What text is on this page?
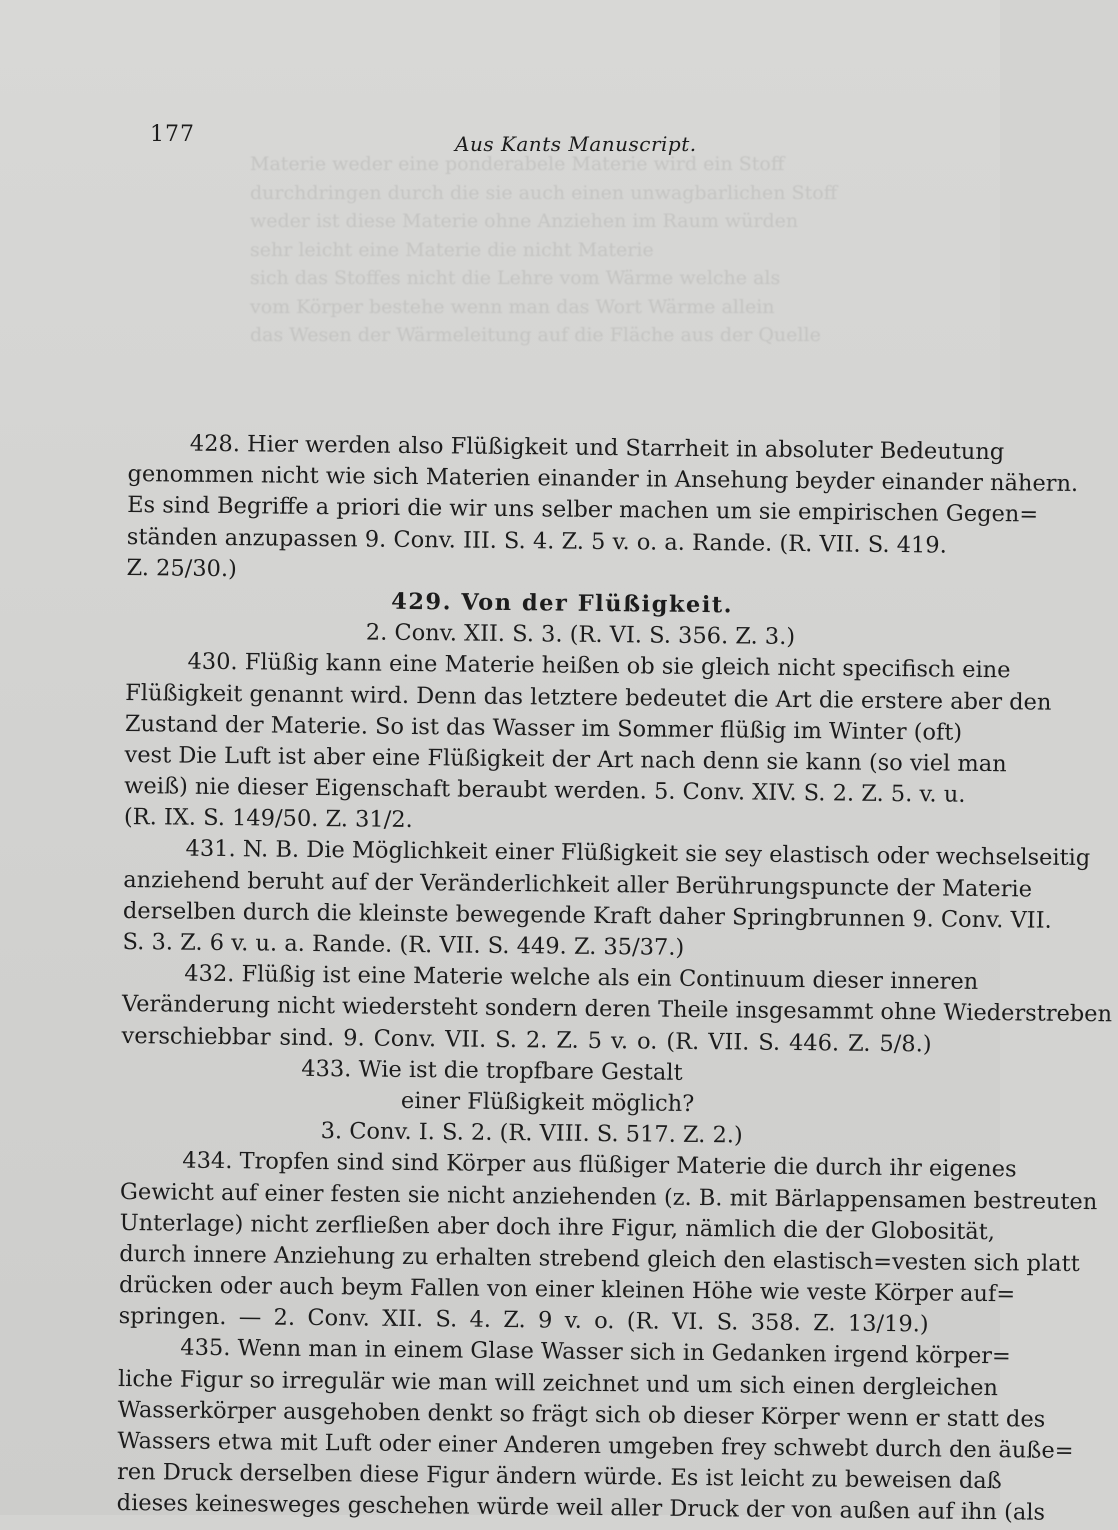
Materie weder eine ponderabele Materie wird ein Stoff
durchdringen durch die sie auch einen unwagbarlichen Stoff
weder ist diese Materie ohne Anziehen im Raum würden
sehr leicht eine Materie die nicht Materie
sich das Stoffes nicht die Lehre vom Wärme welche als
vom Körper bestehe wenn man das Wort Wärme allein
das Wesen der Wärmeleitung auf die Fläche aus der Quelle
177	Aus Kants Manuscript.
428. Hier werden also Flüßigkeit und Starrheit in absoluter Bedeutung
genommen nicht wie sich Materien einander in Ansehung beyder einander nähern.
Es sind Begriffe a priori die wir uns selber machen um sie empirischen Gegen=
ständen anzupassen 9. Conv. III. S. 4. Z. 5 v. o. a. Rande. (R. VII. S. 419.
Z. 25/30.)
429. Von der Flüßigkeit.
2. Conv. XII. S. 3. (R. VI. S. 356. Z. 3.)
430. Flüßig kann eine Materie heißen ob sie gleich nicht specifisch eine
Flüßigkeit genannt wird. Denn das letztere bedeutet die Art die erstere aber den
Zustand der Materie. So ist das Wasser im Sommer flüßig im Winter (oft)
vest Die Luft ist aber eine Flüßigkeit der Art nach denn sie kann (so viel man
weiß) nie dieser Eigenschaft beraubt werden. 5. Conv. XIV. S. 2. Z. 5. v. u.
(R. IX. S. 149/50. Z. 31/2.
431. N. B. Die Möglichkeit einer Flüßigkeit sie sey elastisch oder wechselseitig
anziehend beruht auf der Veränderlichkeit aller Berührungspuncte der Materie
derselben durch die kleinste bewegende Kraft daher Springbrunnen 9. Conv. VII.
S. 3. Z. 6 v. u. a. Rande. (R. VII. S. 449. Z. 35/37.)
432. Flüßig ist eine Materie welche als ein Continuum dieser inneren
Veränderung nicht wiedersteht sondern deren Theile insgesammt ohne Wiederstreben
verschiebbar sind. 9. Conv. VII. S. 2. Z. 5 v. o. (R. VII. S. 446. Z. 5/8.)
433. Wie ist die tropfbare Gestalt
einer Flüßigkeit möglich?
3. Conv. I. S. 2. (R. VIII. S. 517. Z. 2.)
434. Tropfen sind sind Körper aus flüßiger Materie die durch ihr eigenes
Gewicht auf einer festen sie nicht anziehenden (z. B. mit Bärlappensamen bestreuten
Unterlage) nicht zerfließen aber doch ihre Figur, nämlich die der Globosität,
durch innere Anziehung zu erhalten strebend gleich den elastisch=vesten sich platt
drücken oder auch beym Fallen von einer kleinen Höhe wie veste Körper auf=
springen. — 2. Conv. XII. S. 4. Z. 9 v. o. (R. VI. S. 358. Z. 13/19.)
435. Wenn man in einem Glase Wasser sich in Gedanken irgend körper=
liche Figur so irregulär wie man will zeichnet und um sich einen dergleichen
Wasserkörper ausgehoben denkt so frägt sich ob dieser Körper wenn er statt des
Wassers etwa mit Luft oder einer Anderen umgeben frey schwebt durch den äuße=
ren Druck derselben diese Figur ändern würde. Es ist leicht zu beweisen daß
dieses keinesweges geschehen würde weil aller Druck der von außen auf ihn (als
